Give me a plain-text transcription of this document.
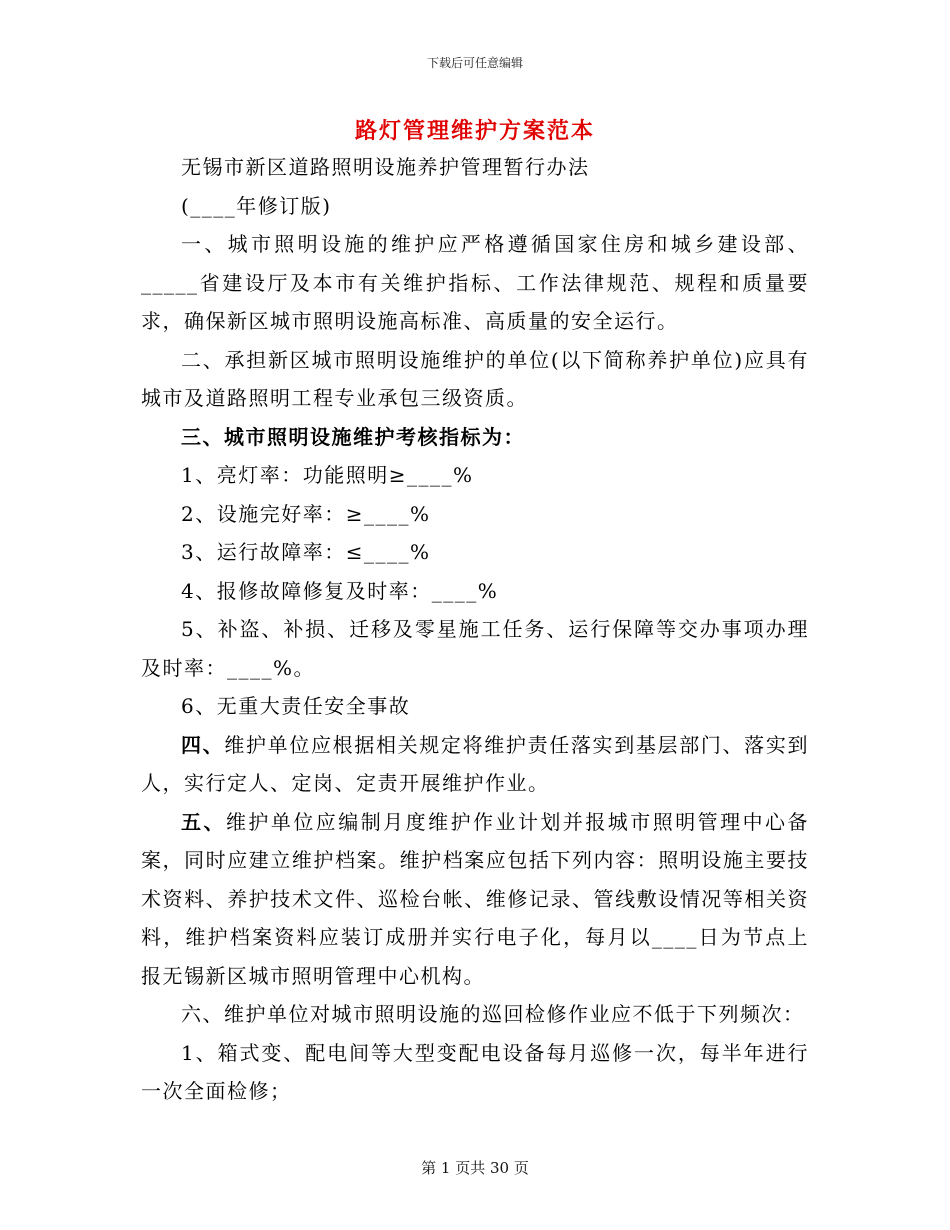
下载后可任意编辑
路灯管理维护方案范本

无锡市新区道路照明设施养护管理暂行办法

(____年修订版)

一、城市照明设施的维护应严格遵循国家住房和城乡建设部、_____省建设厅及本市有关维护指标、工作法律规范、规程和质量要求，确保新区城市照明设施高标准、高质量的安全运行。

二、承担新区城市照明设施维护的单位(以下简称养护单位)应具有城市及道路照明工程专业承包三级资质。

三、城市照明设施维护考核指标为：

1、亮灯率：功能照明≥____%

2、设施完好率：≥____%

3、运行故障率：≤____%

4、报修故障修复及时率：____%

5、补盗、补损、迁移及零星施工任务、运行保障等交办事项办理及时率：____%。

6、无重大责任安全事故

四、维护单位应根据相关规定将维护责任落实到基层部门、落实到人，实行定人、定岗、定责开展维护作业。

五、维护单位应编制月度维护作业计划并报城市照明管理中心备案，同时应建立维护档案。维护档案应包括下列内容：照明设施主要技术资料、养护技术文件、巡检台帐、维修记录、管线敷设情况等相关资料，维护档案资料应装订成册并实行电子化，每月以____日为节点上报无锡新区城市照明管理中心机构。

六、维护单位对城市照明设施的巡回检修作业应不低于下列频次：

1、箱式变、配电间等大型变配电设备每月巡修一次，每半年进行一次全面检修；

第 1 页共 30 页
